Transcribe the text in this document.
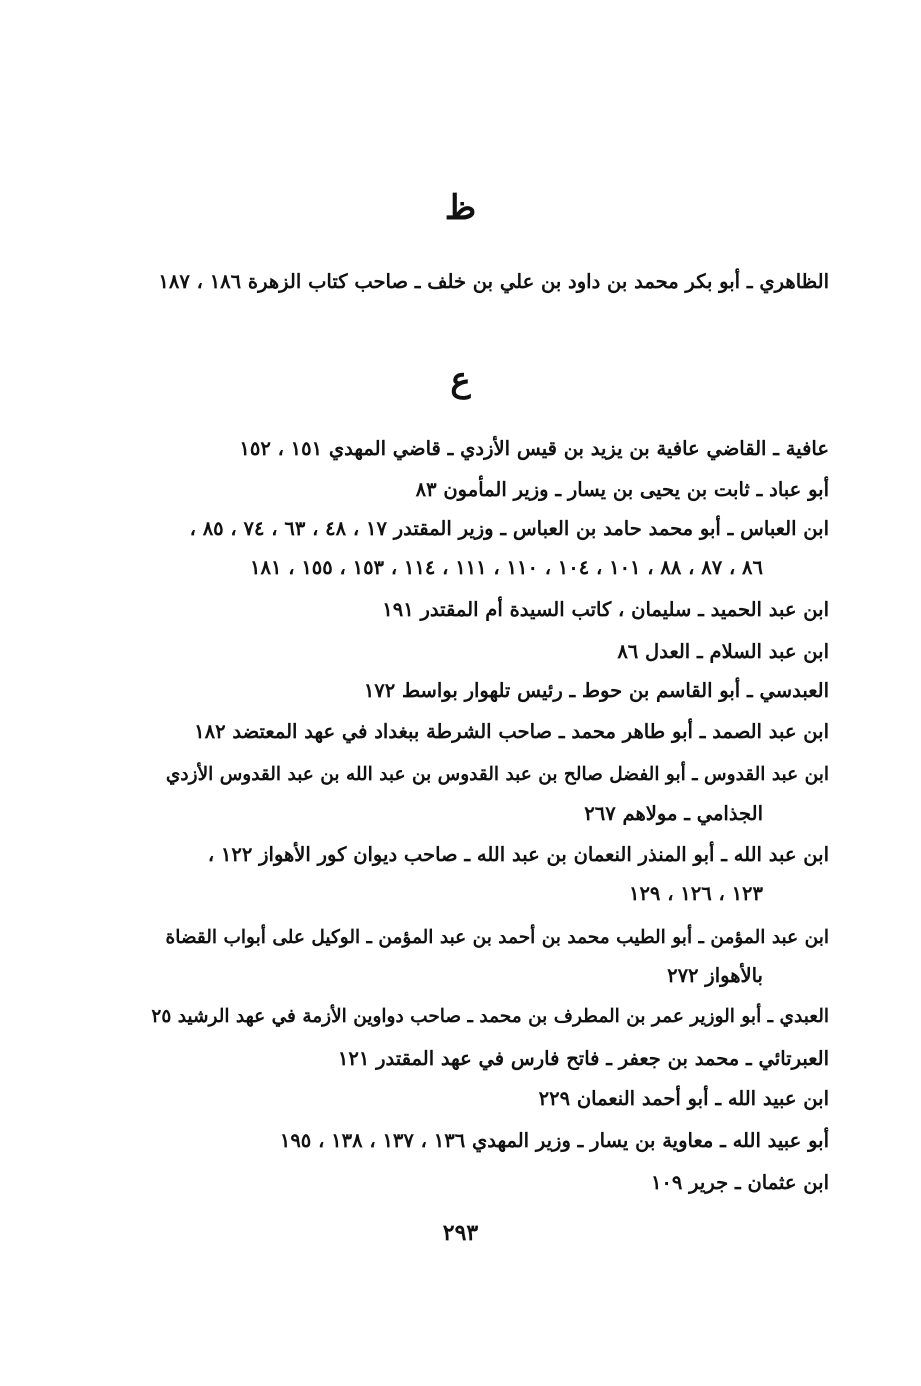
ظ
الظاهري ـ أبو بكر محمد بن داود بن علي بن خلف ـ صاحب كتاب الزهرة ١٨٦ ، ١٨٧
ع
عافية ـ القاضي عافية بن يزيد بن قيس الأزدي ـ قاضي المهدي ١٥١ ، ١٥٢
أبو عباد ـ ثابت بن يحيى بن يسار ـ وزير المأمون ٨٣
ابن العباس ـ أبو محمد حامد بن العباس ـ وزير المقتدر ١٧ ، ٤٨ ، ٦٣ ، ٧٤ ، ٨٥ ،
٨٦ ، ٨٧ ، ٨٨ ، ١٠١ ، ١٠٤ ، ١١٠ ، ١١١ ، ١١٤ ، ١٥٣ ، ١٥٥ ، ١٨١
ابن عبد الحميد ـ سليمان ، كاتب السيدة أم المقتدر ١٩١
ابن عبد السلام ـ العدل ٨٦
العبدسي ـ أبو القاسم بن حوط ـ رئيس تلهوار بواسط ١٧٢
ابن عبد الصمد ـ أبو طاهر محمد ـ صاحب الشرطة ببغداد في عهد المعتضد ١٨٢
ابن عبد القدوس ـ أبو الفضل صالح بن عبد القدوس بن عبد الله بن عبد القدوس الأزدي
الجذامي ـ مولاهم ٢٦٧
ابن عبد الله ـ أبو المنذر النعمان بن عبد الله ـ صاحب ديوان كور الأهواز ١٢٢ ،
١٢٣ ، ١٢٦ ، ١٢٩
ابن عبد المؤمن ـ أبو الطيب محمد بن أحمد بن عبد المؤمن ـ الوكيل على أبواب القضاة
بالأهواز ٢٧٢
العبدي ـ أبو الوزير عمر بن المطرف بن محمد ـ صاحب دواوين الأزمة في عهد الرشيد ٢٥
العبرتائي ـ محمد بن جعفر ـ فاتح فارس في عهد المقتدر ١٢١
ابن عبيد الله ـ أبو أحمد النعمان ٢٢٩
أبو عبيد الله ـ معاوية بن يسار ـ وزير المهدي ١٣٦ ، ١٣٧ ، ١٣٨ ، ١٩٥
ابن عثمان ـ جرير ١٠٩
٢٩٣
